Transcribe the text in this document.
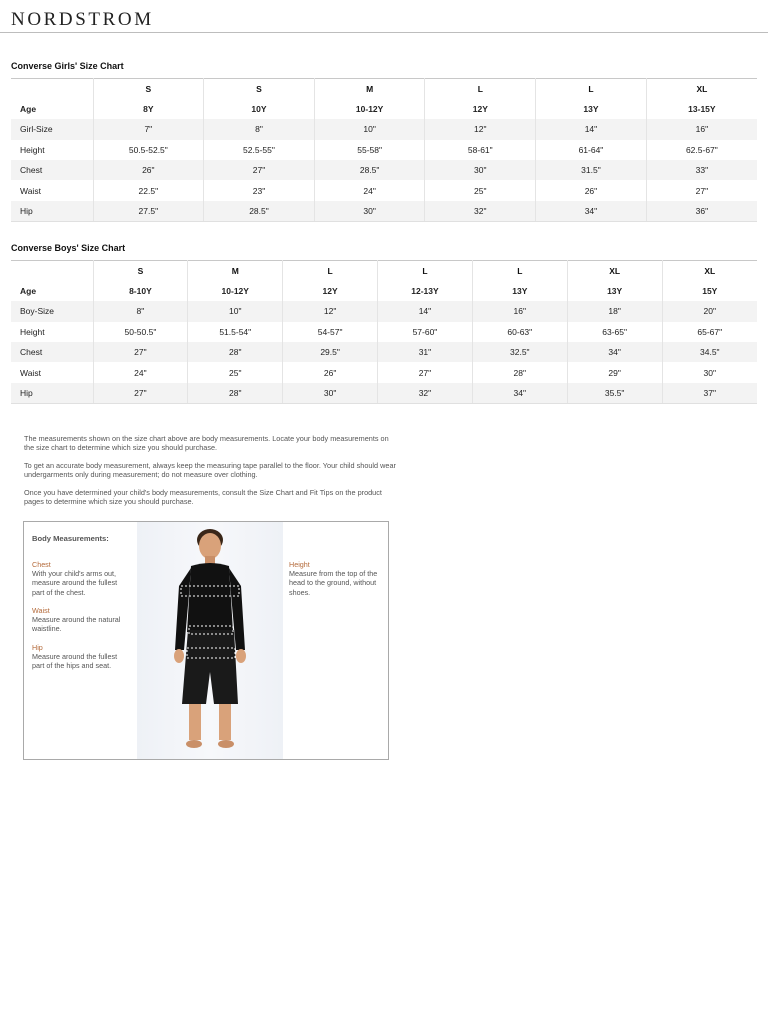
NORDSTROM
Converse Girls' Size Chart
	S	S	M	L	L	XL
Age	8Y	10Y	10-12Y	12Y	13Y	13-15Y
Girl-Size	7"	8"	10"	12"	14"	16"
Height	50.5-52.5"	52.5-55"	55-58"	58-61"	61-64"	62.5-67"
Chest	26"	27"	28.5"	30"	31.5"	33"
Waist	22.5"	23"	24"	25"	26"	27"
Hip	27.5"	28.5"	30"	32"	34"	36"
Converse Boys' Size Chart
	S	M	L	L	L	XL	XL
Age	8-10Y	10-12Y	12Y	12-13Y	13Y	13Y	15Y
Boy-Size	8"	10"	12"	14"	16"	18"	20"
Height	50-50.5"	51.5-54"	54-57"	57-60"	60-63"	63-65"	65-67"
Chest	27"	28"	29.5"	31"	32.5"	34"	34.5"
Waist	24"	25"	26"	27"	28"	29"	30"
Hip	27"	28"	30"	32"	34"	35.5"	37"

The measurements shown on the size chart above are body measurements. Locate your body measurements on the size chart to determine which size you should purchase.

To get an accurate body measurement, always keep the measuring tape parallel to the floor. Your child should wear undergarments only during measurement; do not measure over clothing.

Once you have determined your child's body measurements, consult the Size Chart and Fit Tips on the product pages to determine which size you should purchase.

Body Measurements:
Chest
With your child's arms out, measure around the fullest part of the chest.
Waist
Measure around the natural waistline.
Hip
Measure around the fullest part of the hips and seat.
Height
Measure from the top of the head to the ground, without shoes.
